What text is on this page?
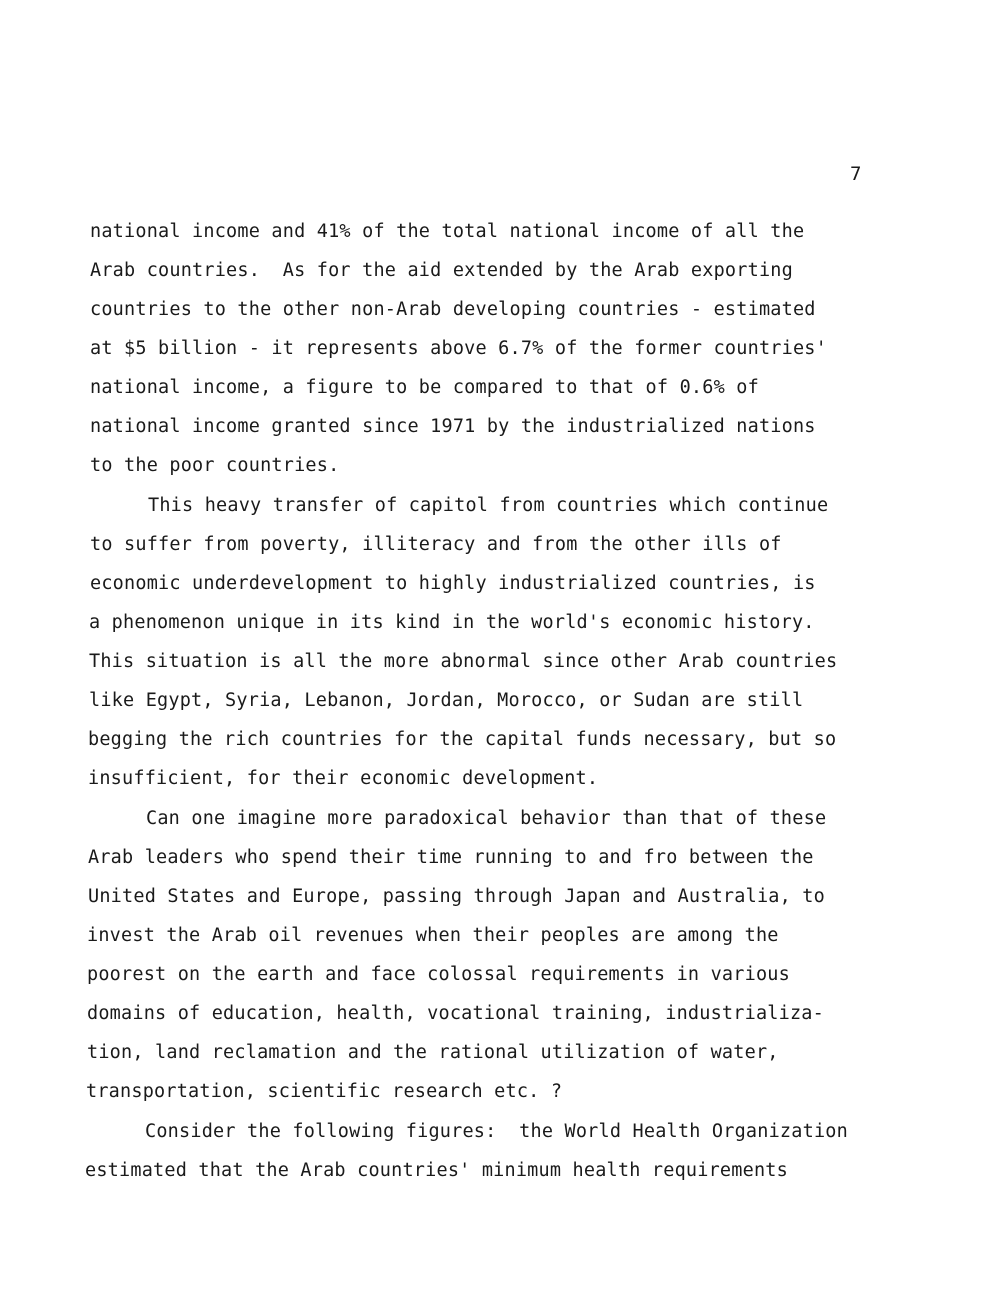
7
national income and 41% of the total national income of all the
Arab countries.  As for the aid extended by the Arab exporting
countries to the other non-Arab developing countries - estimated
at $5 billion - it represents above 6.7% of the former countries'
national income, a figure to be compared to that of 0.6% of
national income granted since 1971 by the industrialized nations
to the poor countries.
This heavy transfer of capitol from countries which continue
to suffer from poverty, illiteracy and from the other ills of
economic underdevelopment to highly industrialized countries, is
a phenomenon unique in its kind in the world's economic history.
This situation is all the more abnormal since other Arab countries
like Egypt, Syria, Lebanon, Jordan, Morocco, or Sudan are still
begging the rich countries for the capital funds necessary, but so
insufficient, for their economic development.
Can one imagine more paradoxical behavior than that of these
Arab leaders who spend their time running to and fro between the
United States and Europe, passing through Japan and Australia, to
invest the Arab oil revenues when their peoples are among the
poorest on the earth and face colossal requirements in various
domains of education, health, vocational training, industrializa-
tion, land reclamation and the rational utilization of water,
transportation, scientific research etc. ?
Consider the following figures:  the World Health Organization
estimated that the Arab countries' minimum health requirements
